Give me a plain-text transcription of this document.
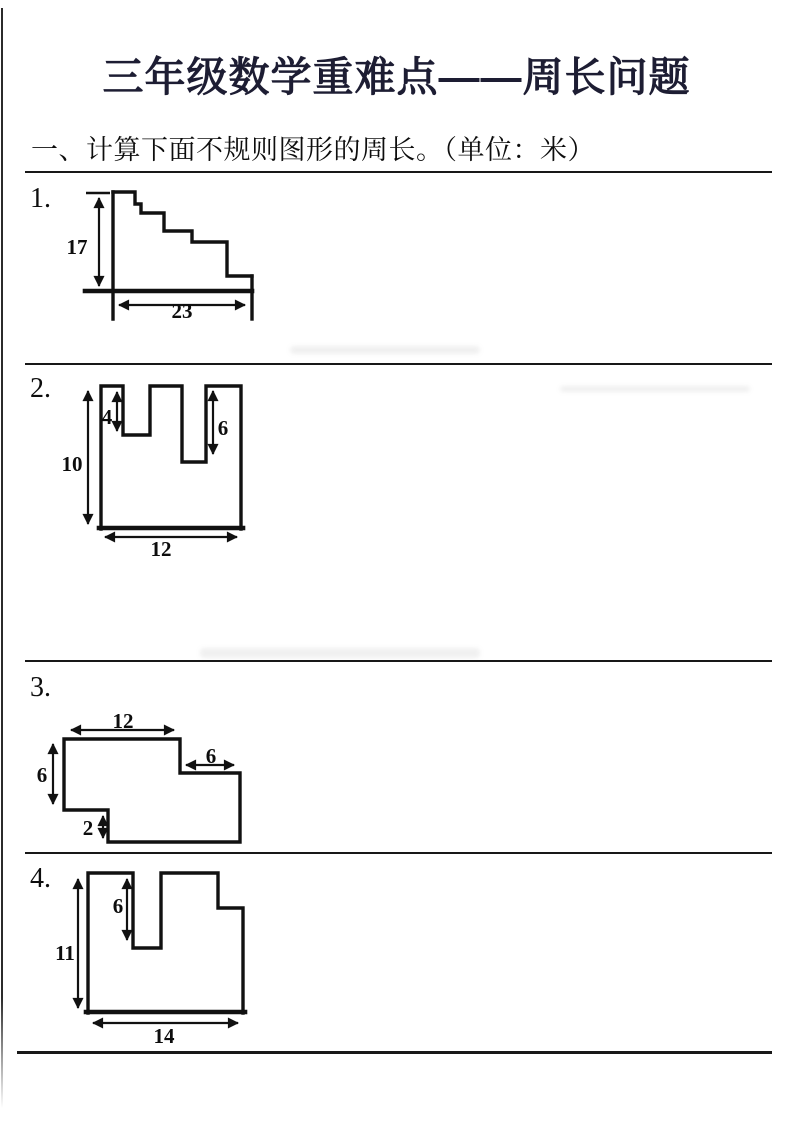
三年级数学重难点——周长问题
一、计算下面不规则图形的周长。（单位：米）
1.
2.
3.
4.
17
23
4	6
10
12
12
6
6
2
6
11
14
